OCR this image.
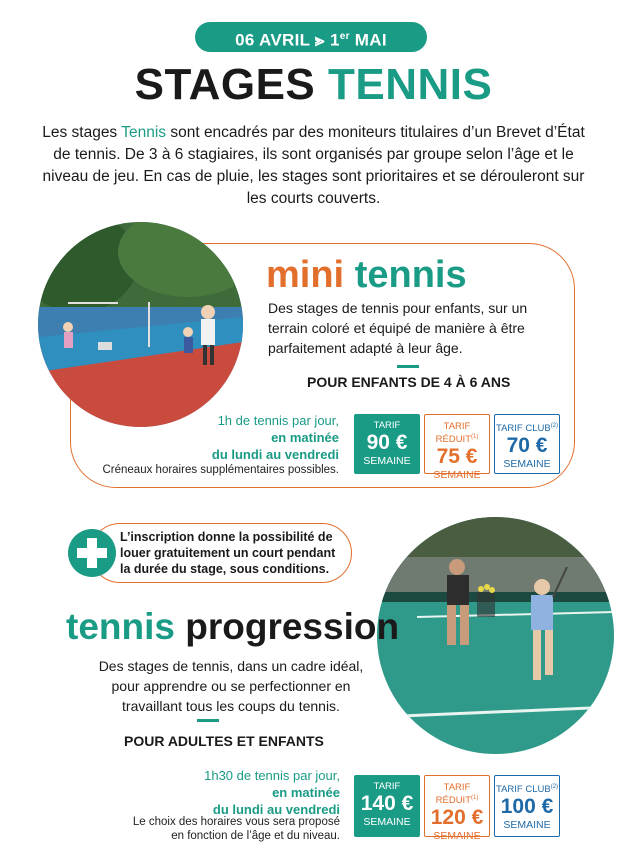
06 AVRIL ⪢ 1er MAI
STAGES TENNIS
Les stages Tennis sont encadrés par des moniteurs titulaires d’un Brevet d’État de tennis. De 3 à 6 stagiaires, ils sont organisés par groupe selon l’âge et le niveau de jeu. En cas de pluie, les stages sont prioritaires et se dérouleront sur les courts couverts.
mini tennis
Des stages de tennis pour enfants, sur un terrain coloré et équipé de manière à être parfaitement adapté à leur âge.
POUR ENFANTS DE 4 À 6 ANS
1h de tennis par jour,
en matinée
du lundi au vendredi
Créneaux horaires supplémentaires possibles.
TARIF
90 €
SEMAINE
TARIF RÉDUIT$^{(1)}$
75 €
SEMAINE
TARIF CLUB$^{(2)}$
70 €
SEMAINE
L’inscription donne la possibilité de louer gratuitement un court pendant la durée du stage, sous conditions.
tennis progression
Des stages de tennis, dans un cadre idéal, pour apprendre ou se perfectionner en travaillant tous les coups du tennis.
POUR ADULTES ET ENFANTS
1h30 de tennis par jour,
en matinée
du lundi au vendredi
Le choix des horaires vous sera proposé
en fonction de l’âge et du niveau.
TARIF
140 €
SEMAINE
TARIF RÉDUIT$^{(1)}$
120 €
SEMAINE
TARIF CLUB$^{(2)}$
100 €
SEMAINE
